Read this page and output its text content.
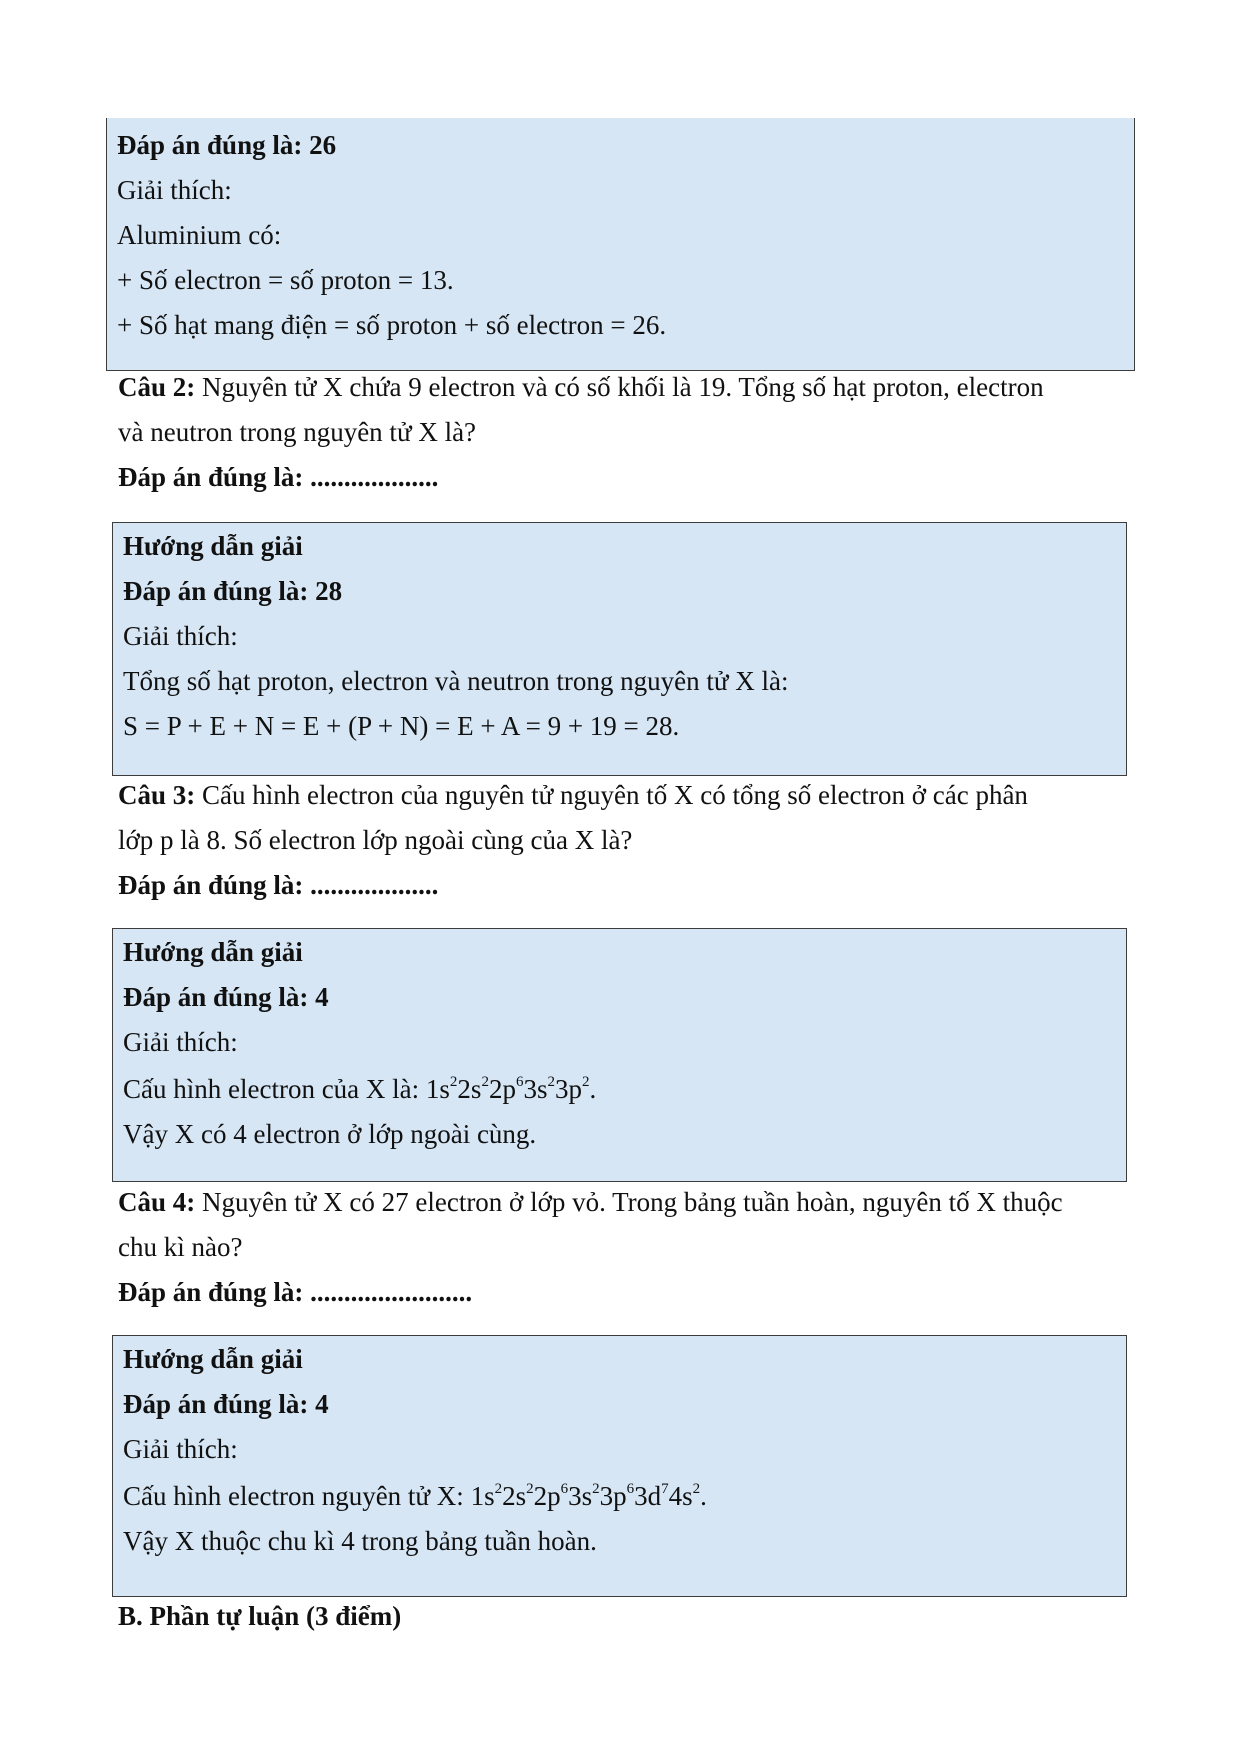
Đáp án đúng là: 26
Giải thích:
Aluminium có:
+ Số electron = số proton = 13.
+ Số hạt mang điện = số proton + số electron = 26.
Câu 2: Nguyên tử X chứa 9 electron và có số khối là 19. Tổng số hạt proton, electron
và neutron trong nguyên tử X là?
Đáp án đúng là: ...................
Hướng dẫn giải
Đáp án đúng là: 28
Giải thích:
Tổng số hạt proton, electron và neutron trong nguyên tử X là:
S = P + E + N = E + (P + N) = E + A = 9 + 19 = 28.
Câu 3: Cấu hình electron của nguyên tử nguyên tố X có tổng số electron ở các phân
lớp p là 8. Số electron lớp ngoài cùng của X là?
Đáp án đúng là: ...................
Hướng dẫn giải
Đáp án đúng là: 4
Giải thích:
Cấu hình electron của X là: $1s^22s^22p^63s^23p^2$.
Vậy X có 4 electron ở lớp ngoài cùng.
Câu 4: Nguyên tử X có 27 electron ở lớp vỏ. Trong bảng tuần hoàn, nguyên tố X thuộc
chu kì nào?
Đáp án đúng là: ........................
Hướng dẫn giải
Đáp án đúng là: 4
Giải thích:
Cấu hình electron nguyên tử X: $1s^22s^22p^63s^23p^63d^74s^2$.
Vậy X thuộc chu kì 4 trong bảng tuần hoàn.
B. Phần tự luận (3 điểm)
